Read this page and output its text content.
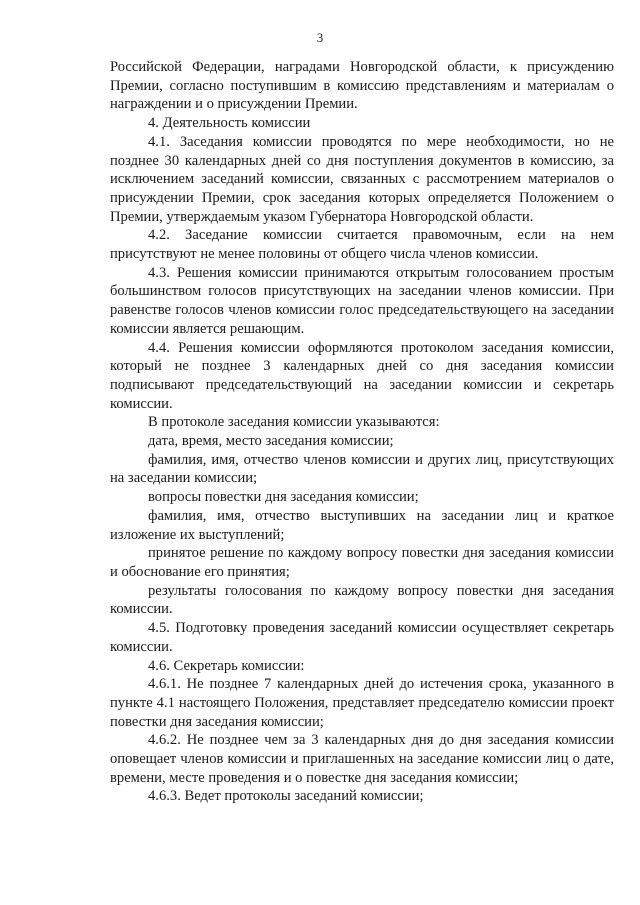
3

Российской Федерации, наградами Новгородской области, к присуждению Премии, согласно поступившим в комиссию представлениям и материалам о награждении и о присуждении Премии.

4. Деятельность комиссии

4.1. Заседания комиссии проводятся по мере необходимости, но не позднее 30 календарных дней со дня поступления документов в комиссию, за исключением заседаний комиссии, связанных с рассмотрением материалов о присуждении Премии, срок заседания которых определяется Положением о Премии, утверждаемым указом Губернатора Новгородской области.

4.2. Заседание комиссии считается правомочным, если на нем присутствуют не менее половины от общего числа членов комиссии.

4.3. Решения комиссии принимаются открытым голосованием простым большинством голосов присутствующих на заседании членов комиссии. При равенстве голосов членов комиссии голос председательствующего на заседании комиссии является решающим.

4.4. Решения комиссии оформляются протоколом заседания комиссии, который не позднее 3 календарных дней со дня заседания комиссии подписывают председательствующий на заседании комиссии и секретарь комиссии.

В протоколе заседания комиссии указываются:

дата, время, место заседания комиссии;

фамилия, имя, отчество членов комиссии и других лиц, присутствующих на заседании комиссии;

вопросы повестки дня заседания комиссии;

фамилия, имя, отчество выступивших на заседании лиц и краткое изложение их выступлений;

принятое решение по каждому вопросу повестки дня заседания комиссии и обоснование его принятия;

результаты голосования по каждому вопросу повестки дня заседания комиссии.

4.5. Подготовку проведения заседаний комиссии осуществляет секретарь комиссии.

4.6. Секретарь комиссии:

4.6.1. Не позднее 7 календарных дней до истечения срока, указанного в пункте 4.1 настоящего Положения, представляет председателю комиссии проект повестки дня заседания комиссии;

4.6.2. Не позднее чем за 3 календарных дня до дня заседания комиссии оповещает членов комиссии и приглашенных на заседание комиссии лиц о дате, времени, месте проведения и о повестке дня заседания комиссии;

4.6.3. Ведет протоколы заседаний комиссии;
